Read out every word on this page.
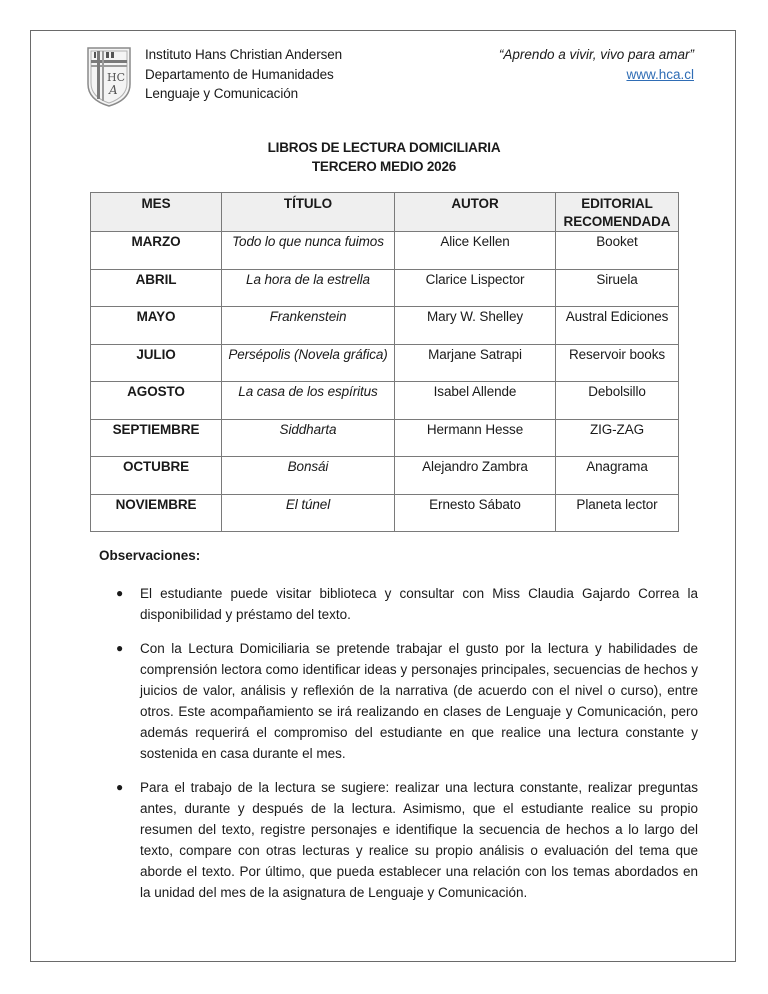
HC
A
Instituto Hans Christian Andersen
Departamento de Humanidades
Lenguaje y Comunicación
“Aprendo a vivir, vivo para amar”
www.hca.cl
LIBROS DE LECTURA DOMICILIARIA
TERCERO MEDIO 2026
MES	TÍTULO	AUTOR	EDITORIAL RECOMENDADA
MARZO	Todo lo que nunca fuimos	Alice Kellen	Booket
ABRIL	La hora de la estrella	Clarice Lispector	Siruela
MAYO	Frankenstein	Mary W. Shelley	Austral Ediciones
JULIO	Persépolis (Novela gráfica)	Marjane Satrapi	Reservoir books
AGOSTO	La casa de los espíritus	Isabel Allende	Debolsillo
SEPTIEMBRE	Siddharta	Hermann Hesse	ZIG-ZAG
OCTUBRE	Bonsái	Alejandro Zambra	Anagrama
NOVIEMBRE	El túnel	Ernesto Sábato	Planeta lector
Observaciones:
● El estudiante puede visitar biblioteca y consultar con Miss Claudia Gajardo Correa la disponibilidad y préstamo del texto.
● Con la Lectura Domiciliaria se pretende trabajar el gusto por la lectura y habilidades de comprensión lectora como identificar ideas y personajes principales, secuencias de hechos y juicios de valor, análisis y reflexión de la narrativa (de acuerdo con el nivel o curso), entre otros. Este acompañamiento se irá realizando en clases de Lenguaje y Comunicación, pero además requerirá el compromiso del estudiante en que realice una lectura constante y sostenida en casa durante el mes.
● Para el trabajo de la lectura se sugiere: realizar una lectura constante, realizar preguntas antes, durante y después de la lectura. Asimismo, que el estudiante realice su propio resumen del texto, registre personajes e identifique la secuencia de hechos a lo largo del texto, compare con otras lecturas y realice su propio análisis o evaluación del tema que aborde el texto. Por último, que pueda establecer una relación con los temas abordados en la unidad del mes de la asignatura de Lenguaje y Comunicación.
